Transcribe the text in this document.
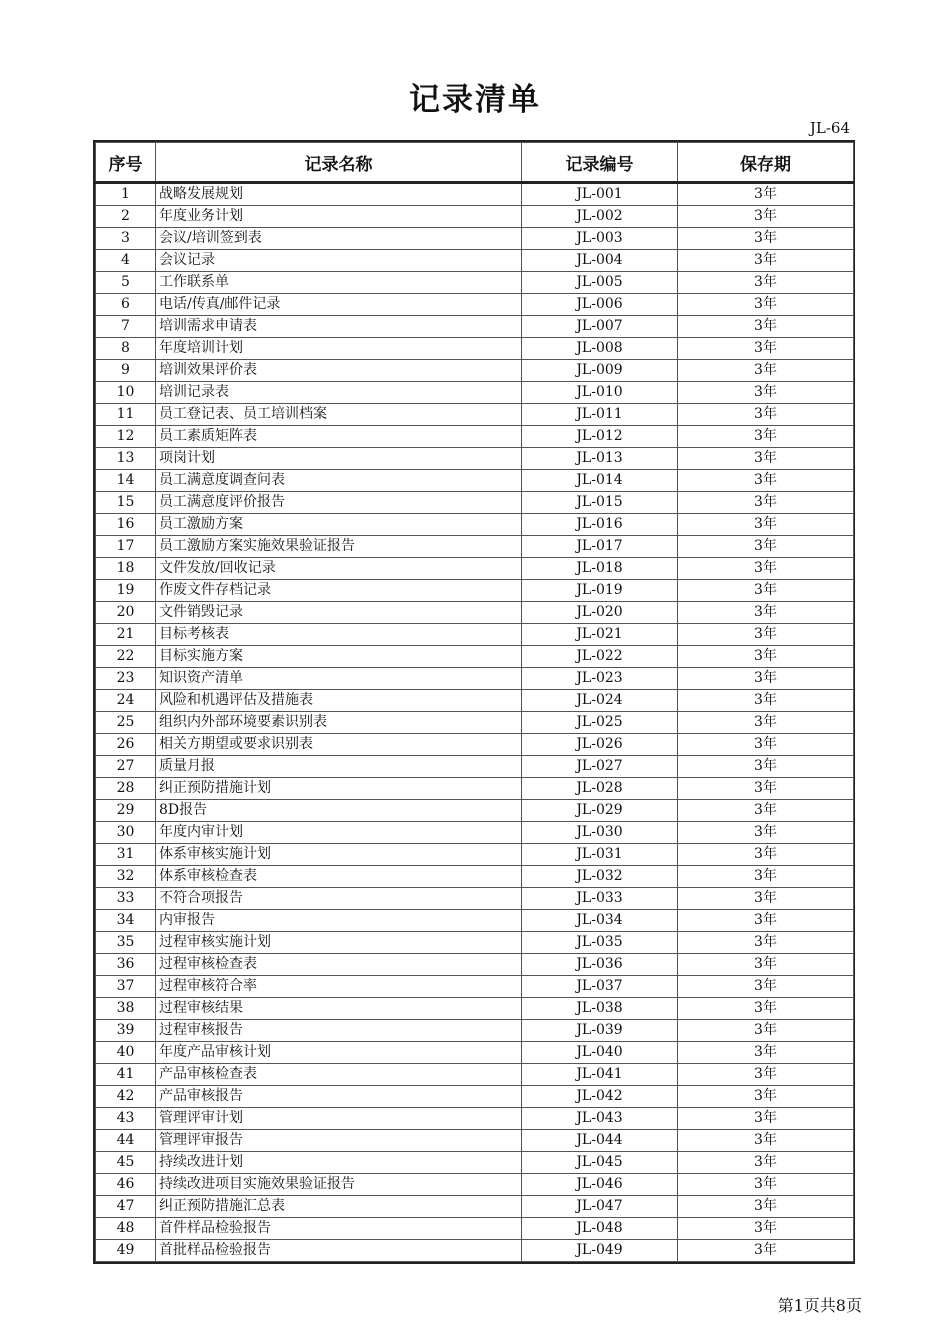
记录清单
JL-64
序号	记录名称	记录编号	保存期
1	战略发展规划	JL-001	3年
2	年度业务计划	JL-002	3年
3	会议/培训签到表	JL-003	3年
4	会议记录	JL-004	3年
5	工作联系单	JL-005	3年
6	电话/传真/邮件记录	JL-006	3年
7	培训需求申请表	JL-007	3年
8	年度培训计划	JL-008	3年
9	培训效果评价表	JL-009	3年
10	培训记录表	JL-010	3年
11	员工登记表、员工培训档案	JL-011	3年
12	员工素质矩阵表	JL-012	3年
13	项岗计划	JL-013	3年
14	员工满意度调查问表	JL-014	3年
15	员工满意度评价报告	JL-015	3年
16	员工激励方案	JL-016	3年
17	员工激励方案实施效果验证报告	JL-017	3年
18	文件发放/回收记录	JL-018	3年
19	作废文件存档记录	JL-019	3年
20	文件销毁记录	JL-020	3年
21	目标考核表	JL-021	3年
22	目标实施方案	JL-022	3年
23	知识资产清单	JL-023	3年
24	风险和机遇评估及措施表	JL-024	3年
25	组织内外部环境要素识别表	JL-025	3年
26	相关方期望或要求识别表	JL-026	3年
27	质量月报	JL-027	3年
28	纠正预防措施计划	JL-028	3年
29	8D报告	JL-029	3年
30	年度内审计划	JL-030	3年
31	体系审核实施计划	JL-031	3年
32	体系审核检查表	JL-032	3年
33	不符合项报告	JL-033	3年
34	内审报告	JL-034	3年
35	过程审核实施计划	JL-035	3年
36	过程审核检查表	JL-036	3年
37	过程审核符合率	JL-037	3年
38	过程审核结果	JL-038	3年
39	过程审核报告	JL-039	3年
40	年度产品审核计划	JL-040	3年
41	产品审核检查表	JL-041	3年
42	产品审核报告	JL-042	3年
43	管理评审计划	JL-043	3年
44	管理评审报告	JL-044	3年
45	持续改进计划	JL-045	3年
46	持续改进项目实施效果验证报告	JL-046	3年
47	纠正预防措施汇总表	JL-047	3年
48	首件样品检验报告	JL-048	3年
49	首批样品检验报告	JL-049	3年
第1页共8页
